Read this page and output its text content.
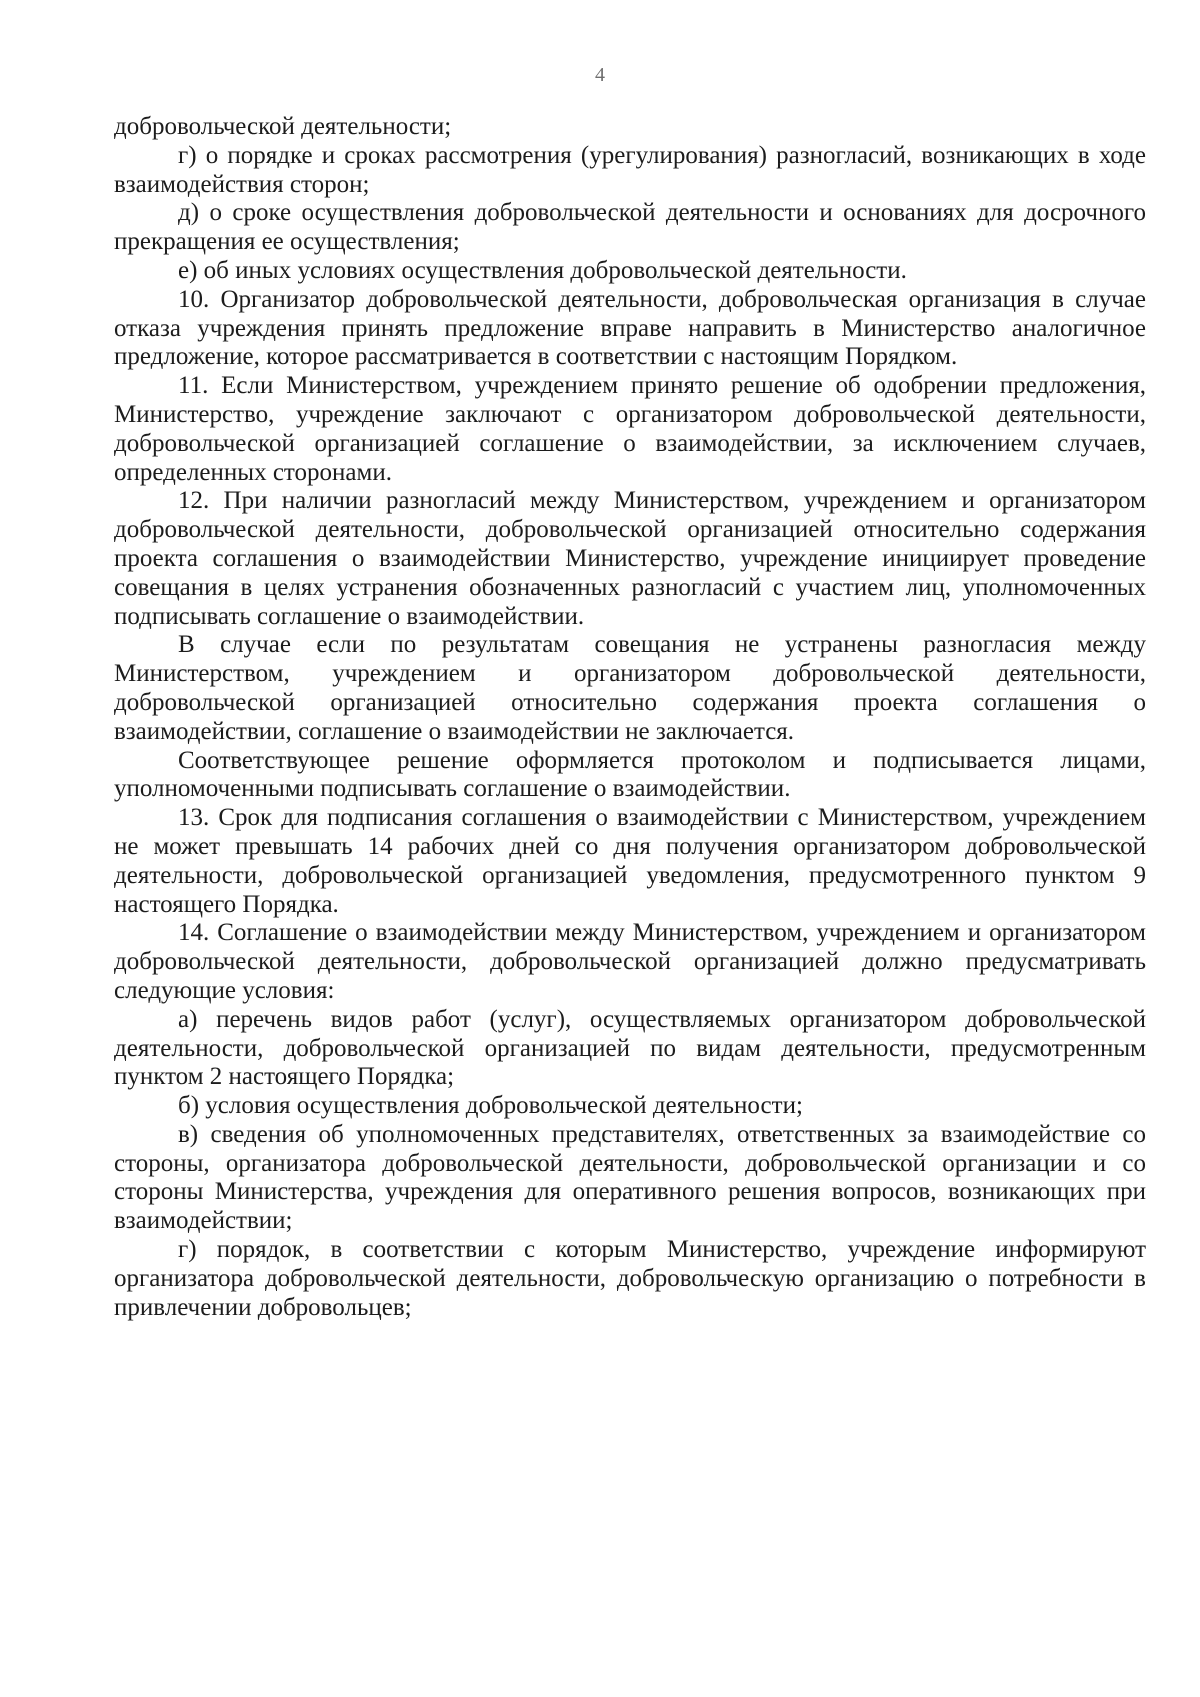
4

добровольческой деятельности;

г) о порядке и сроках рассмотрения (урегулирования) разногласий, возникающих в ходе взаимодействия сторон;

д) о сроке осуществления добровольческой деятельности и основаниях для досрочного прекращения ее осуществления;

е) об иных условиях осуществления добровольческой деятельности.

10. Организатор добровольческой деятельности, добровольческая организация в случае отказа учреждения принять предложение вправе направить в Министерство аналогичное предложение, которое рассматривается в соответствии с настоящим Порядком.

11. Если Министерством, учреждением принято решение об одобрении предложения, Министерство, учреждение заключают с организатором добровольческой деятельности, добровольческой организацией соглашение о взаимодействии, за исключением случаев, определенных сторонами.

12. При наличии разногласий между Министерством, учреждением и организатором добровольческой деятельности, добровольческой организацией относительно содержания проекта соглашения о взаимодействии Министерство, учреждение инициирует проведение совещания в целях устранения обозначенных разногласий с участием лиц, уполномоченных подписывать соглашение о взаимодействии.

В случае если по результатам совещания не устранены разногласия между Министерством, учреждением и организатором добровольческой деятельности, добровольческой организацией относительно содержания проекта соглашения о взаимодействии, соглашение о взаимодействии не заключается.

Соответствующее решение оформляется протоколом и подписывается лицами, уполномоченными подписывать соглашение о взаимодействии.

13. Срок для подписания соглашения о взаимодействии с Министерством, учреждением не может превышать 14 рабочих дней со дня получения организатором добровольческой деятельности, добровольческой организацией уведомления, предусмотренного пунктом 9 настоящего Порядка.

14. Соглашение о взаимодействии между Министерством, учреждением и организатором добровольческой деятельности, добровольческой организацией должно предусматривать следующие условия:

а) перечень видов работ (услуг), осуществляемых организатором добровольческой деятельности, добровольческой организацией по видам деятельности, предусмотренным пунктом 2 настоящего Порядка;

б) условия осуществления добровольческой деятельности;

в) сведения об уполномоченных представителях, ответственных за взаимодействие со стороны, организатора добровольческой деятельности, добровольческой организации и со стороны Министерства, учреждения для оперативного решения вопросов, возникающих при взаимодействии;

г) порядок, в соответствии с которым Министерство, учреждение информируют организатора добровольческой деятельности, добровольческую организацию о потребности в привлечении добровольцев;
